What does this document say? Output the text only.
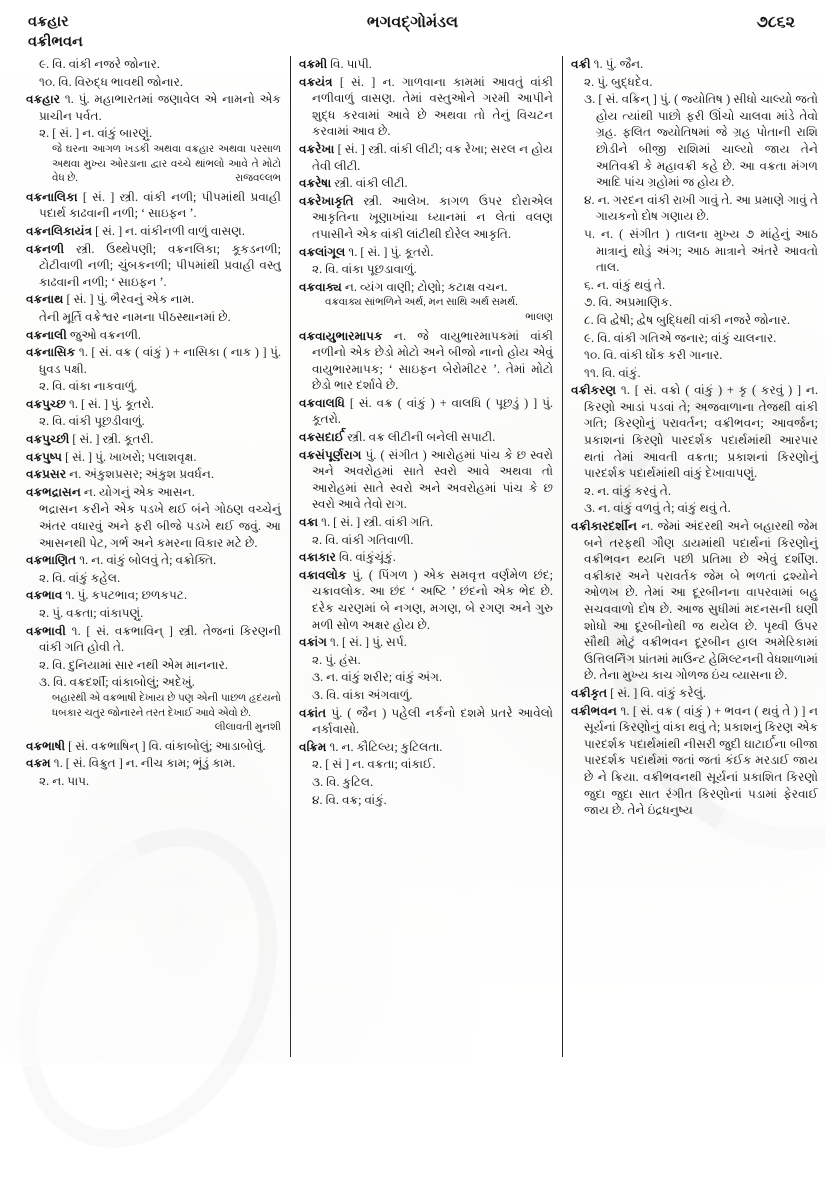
વક્રહાર
વક્રીભવન
ભગવદ્ગોમંડલ	૭૮૬૨

૯. વિ. વાંકી નજરે જોનાર.

૧૦. વિ. વિરુદ્ધ ભાવથી જોનાર.

વક્રહાર ૧. પું. મહાભારતમાં જણાવેલ એ નામનો એક પ્રાચીન પર્વત.

૨. [ સં. ] ન. વાંકું બારણું.

જે ઘરના આગળ ખડકી અથવા વક્રહાર અથવા પરસાળ અથવા મુખ્ય ઓરડાના દ્વાર વચ્ચે થાંભલો આવે તે મોટો વેધ છે.	રાજવલ્લભ

વક્રનાલિકા [ સં. ] સ્ત્રી. વાંકી નળી; પીપમાંથી પ્રવાહી પદાર્થ કાઢવાની નળી; ‘ સાઇફન ’.

વક્રનલિકાયંત્ર [ સં. ] ન. વાંકીનળી વાળું વાસણ.

વક્રનળી સ્ત્રી. ઉથ્થેપણી; વક્રનલિકા; કૂકડનળી; ટોટીવાળી નળી; ચુંબકનળી; પીપમાંથી પ્રવાહી વસ્તુ કાઢવાની નળી; ‘ સાઇફન ’.

વક્રનાથ [ સં. ] પું. ભૈરવનું એક નામ.

તેની મૂર્તિ વક્રેશ્વર નામના પીઠસ્થાનમાં છે.

વક્રનાલી જુઓ વક્રનળી.

વક્રનાસિક ૧. [ સં. વક્ર ( વાંકું ) + નાસિકા ( નાક ) ] પું. ધુવડ પક્ષી.

૨. વિ. વાંકા નાકવાળું.

વક્રપુચ્છ ૧. [ સં. ] પું. કૂતરો.

૨. વિ. વાંકી પૂછડીવાળું.

વક્રપુચ્છી [ સં. ] સ્ત્રી. કૂતરી.

વક્રપુષ્પ [ સં. ] પું. ખાખરો; પલાશવૃક્ષ.

વક્રપ્રસર ન. અંકુશપ્રસર; અંકુશ પ્રવર્ધન.

વક્રભદ્રાસન ન. યોગનું એક આસન.

ભદ્રાસન કરીને એક પડખે થઈ બંને ગોઠણ વચ્ચેનું અંતર વધારવું અને ફરી બીજે પડખે થઈ જવું. આ આસનથી પેટ, ગર્ભ અને કમરના વિકાર મટે છે.

વક્રભાણિત ૧. ન. વાંકું બોલવું તે; વક્રોક્તિ.

૨. વિ. વાંકું કહેલ.

વક્રભાવ ૧. પું. કપટભાવ; છળકપટ.

૨. પું. વક્રતા; વાંકાપણું.

વક્રભાવી ૧. [ સં. વક્રભાવિન્ ] સ્ત્રી. તેજનાં કિરણની વાંકી ગતિ હોવી તે.

૨. વિ. દુનિયામાં સાર નથી એમ માનનાર.

૩. વિ. વક્રદર્શી; વાંકાબોલું; અદેખું.

બહારથી એ વક્રભાષી દેખાય છે પણ એની પાછળ હૃદયનો ધબકાર ચતુર જોનારને તરત દેખાઈ આવે એવો છે.
લીલાવતી મુનશી

વક્રભાષી [ સં. વક્રભાષિન્ ] વિ. વાંકાબોલું; આડાબોલું.

વક્રમ ૧. [ સં. વિક્રુત ] ન. નીચ કામ; ભૂંડું કામ.

૨. ન. પાપ.

વક્રમી વિ. પાપી.

વક્રયંત્ર [ સં. ] ન. ગાળવાના કામમાં આવતું વાંકી નળીવાળું વાસણ. તેમાં વસ્તુઓને ગરમી આપીને શુદ્ધ કરવામાં આવે છે અથવા તો તેનું વિચટન કરવામાં આવ છે.

વક્રરેખા [ સં. ] સ્ત્રી. વાંકી લીટી; વક્ર રેખા; સરલ ન હોય તેવી લીટી.

વક્રરેષા સ્ત્રી. વાંકી લીટી.

વક્રરેખાકૃતિ સ્ત્રી. આલેખ. કાગળ ઉપર દોરાએલ આકૃતિના ખૂણાખાંચા ધ્યાનમાં ન લેતાં વલણ તપાસીને એક વાંકી લાંટીથી દોરેલ આકૃતિ.

વક્રલાંગૂલ ૧. [ સં. ] પું. કૂતરો.

૨. વિ. વાંકા પૂછડાવાળું.

વક્રવાક્ય ન. વ્યંગ વાણી; ટોણો; કટાક્ષ વચન.

વક્રવાક્ય સાંભળિને અર્થ, મન સાથિ અર્થ સમર્થ.
ભાલણ

વક્રવાયુભારમાપક ન. જે વાયુભારમાપકમાં વાંકી નળીનો એક છેડો મોટો અને બીજો નાનો હોય એવું વાયુભારમાપક; ‘ સાઇફન બેરોમીટર ’. તેમાં મોટો છેડો ભાર દર્શાવે છે.

વક્રવાલધિ [ સં. વક્ર ( વાંકું ) + વાલધિ ( પૂછડું ) ] પું. કૂતરો.

વક્રસદાર્ઈ સ્ત્રી. વક્ર લીટીની બનેલી સપાટી.

વક્રસંપૂર્ણરાગ પું. ( સંગીત ) આરોહમાં પાંચ કે છ સ્વરો અને અવરોહમાં સાતે સ્વરો આવે અથવા તો આરોહમાં સાતે સ્વરો અને અવરોહમાં પાંચ કે છ સ્વરો આવે તેવો રાગ.

વક્રા ૧. [ સં. ] સ્ત્રી. વાંકી ગતિ.

૨. વિ. વાંકી ગતિવાળી.

વક્રાકાર વિ. વાંકુંચૂંકું.

વક્રાવલોક પું. ( પિંગળ ) એક સમવૃત્ત વર્ણમેળ છંદ; ચક્રાવલોક. આ છંદ ‘ અષ્ટિ ’ છંદનો એક ભેદ છે. દરેક ચરણમાં બે નગણ, મગણ, બે રગણ અને ગુરુ મળી સોળ અક્ષર હોય છે.

વક્રાંગ ૧. [ સં. ] પું. સર્પ.

૨. પું. હંસ.

૩. ન. વાંકું શરીર; વાંકું અંગ.

૩. વિ. વાંકા અંગવાળું.

વક્રાંત પું. ( જૈન ) પહેલી નર્કનો દશમે પ્રતરે આવેલો નર્કાવાસો.

વક્રિમ ૧. ન. કૌટિલ્ય; કુટિલતા.

૨. [ સં ] ન. વક્રતા; વાંકાઈ.

૩. વિ. કુટિલ.

૪. વિ. વક્ર; વાંકું.

વક્રી ૧. પું. જૈન.

૨. પું. બુદ્ધદેવ.

૩. [ સં. વક્રિન્ ] પું. ( જ્યોતિષ ) સીધો ચાલ્યો જતો હોય ત્યાંથી પાછો ફરી ઊંચો ચાલવા માંડે તેવો ગ્રહ. ફલિત જ્યોતિષમાં જે ગ્રહ પોતાની રાશિ છોડીને બીજી રાશિમાં ચાલ્યો જાય તેને અતિવક્રી કે મહાવક્રી કહે છે. આ વક્રતા મંગળ આદિ પાંચ ગ્રહોમાં જ હોય છે.

૪. ન. ગરદન વાંકી રાખી ગાવું તે. આ પ્રમાણે ગાવું તે ગાયકનો દોષ ગણાય છે.

૫. ન. ( સંગીત ) તાલના મુખ્ય ૭ માંહેનું આઠ માત્રાનું થોડું અંગ; આઠ માત્રાને અંતરે આવતો તાલ.

૬. ન. વાંકું થવું તે.

૭. વિ. અપ્રમાણિક.

૮. વિ દ્વેષી; દ્વેષ બુદ્ધિથી વાંકી નજરે જોનાર.

૯. વિ. વાંકી ગતિએ જનાર; વાંકું ચાલનાર.

૧૦. વિ. વાંકી ઘોંક કરી ગાનાર.

૧૧. વિ. વાંકું.

વક્રીકરણ ૧. [ સં. વક્રો ( વાંકું ) + કૃ ( કરવું ) ] ન. કિરણો આડાં પડવાં તે; અજવાળાના તેજથી વાંકી ગતિ; કિરણોનું પરાવર્તન; વક્રીભવન; આવર્જન; પ્રકાશનાં કિરણો પારદર્શક પદાર્થમાંથી આરપાર થતાં તેમાં આવતી વક્રતા; પ્રકાશનાં કિરણોનું પારદર્શક પદાર્થમાંથી વાંકું દેખાવાપણું.

૨. ન. વાંકું કરવું તે.

૩. ન. વાંકું વળવું તે; વાંકું થવું તે.

વક્રીકારદર્શીન ન. જેમાં અંદરથી અને બહારથી જેમ બને તરફથી ગૌણ ડાયમાંથી પદાર્થનાં કિરણોનું વક્રીભવન થ્યનિ પછી પ્રતિમા છે એવું દર્શીણ. વક્રીકાર અને પરાવર્તક જેમ બે ભળતાં દ્રશ્યોને ઓળખ છે. તેમાં આ દૂરબીનના વાપરવામાં બહુ સચવવાળો દોષ છે. આજ સુધીમાં મદનસની ઘણી શોધો આ દૂરબીનોથી જ થયેલ છે. પૃથ્વી ઉપર સૌથી મોટું વક્રીભવન દૂરબીન હાલ અમેરિકામાં ઉત્તિલર્નિંગ પ્રાંતમાં માઉન્ટ હેમિલ્ટનની વેધશાળામાં છે. તેના મુખ્ય કાચ ગોળજ ઇંચ વ્યાસના છે.

વક્રીકૃત [ સં. ] વિ. વાંકું કરેલું.

વક્રીભવન ૧. [ સં. વક્ર ( વાંકું ) + ભવન ( થવું તે ) ] ન સૂર્યનાં કિરણોનું વાંકા થવું તે; પ્રકાશનું કિરણ એક પારદર્શક પદાર્થમાંથી નીસરી જુદી ઘાટાર્ઈના બીજા પારદર્શક પદાર્થમાં જતાં જતાં કંઈક મરડાઈ જાય છે ને ક્રિયા. વક્રીભવનથી સૂર્યનાં પ્રકાશિત કિરણો જુદા જુદા સાત રંગીત કિરણોનાં પડામાં ફેરવાઈ જાય છે. તેને ઇંદ્રધનુષ્ય
